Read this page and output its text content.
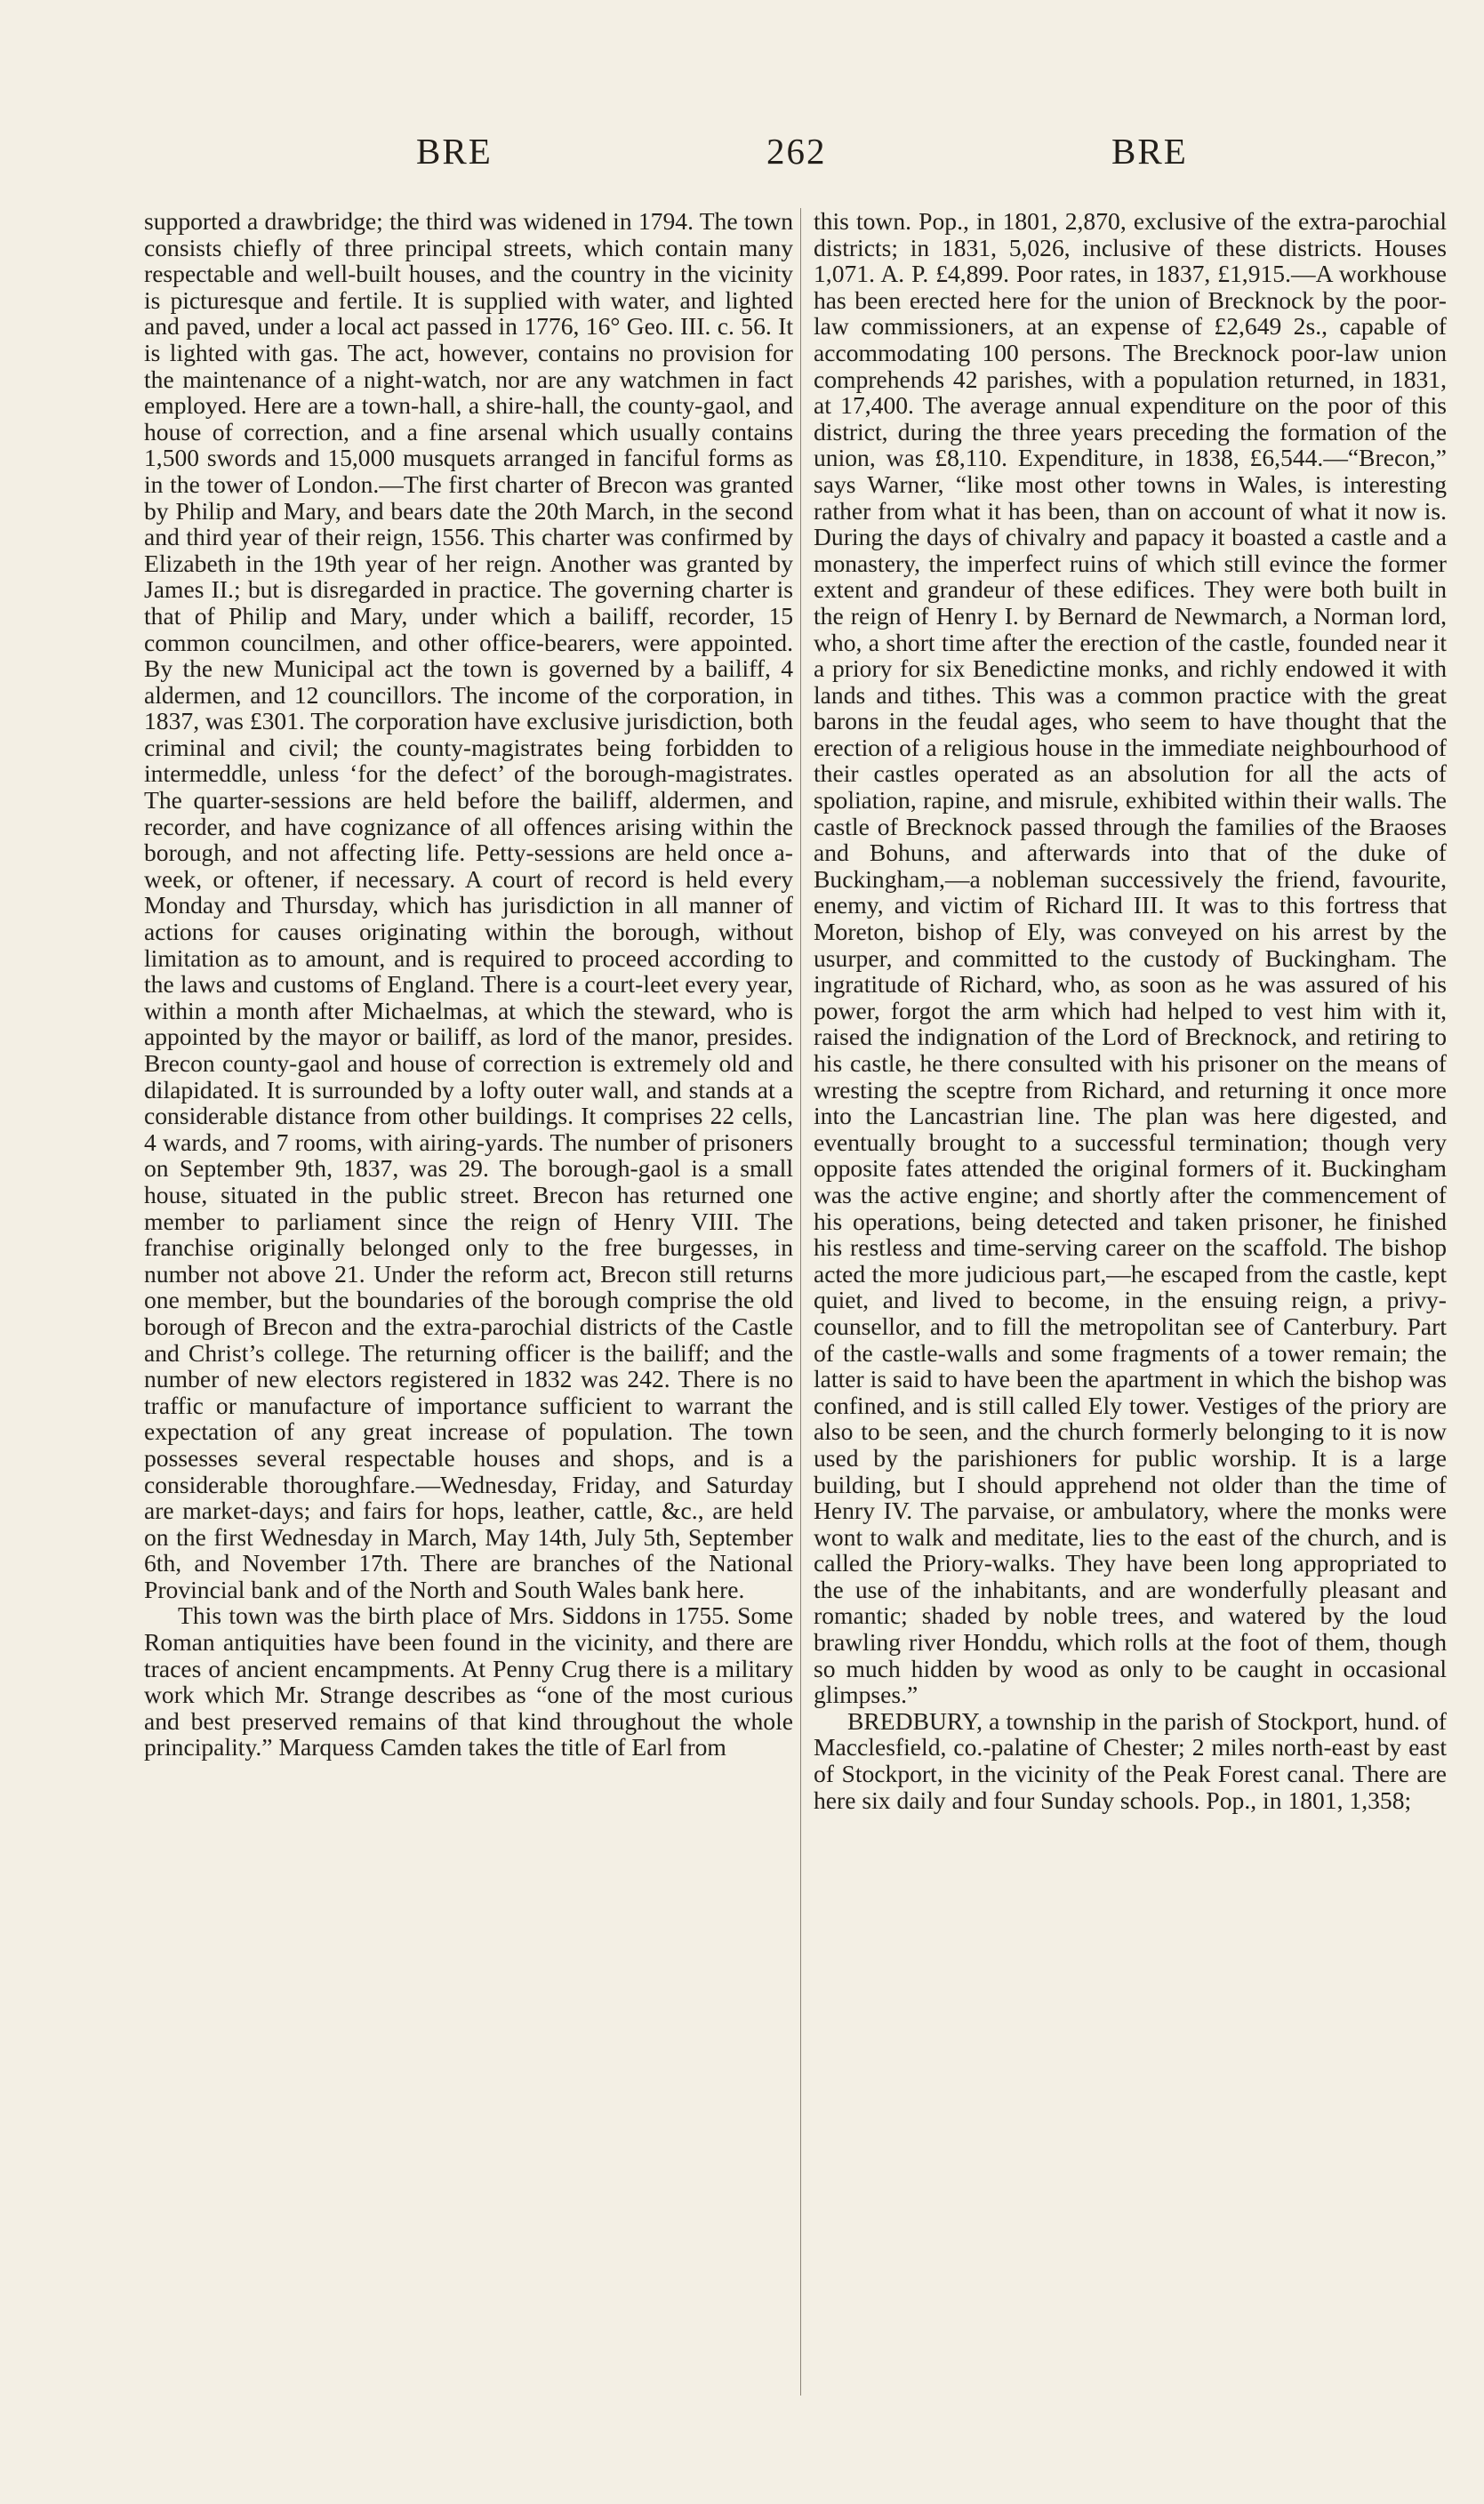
BRE	262	BRE

supported a drawbridge; the third was widened in 1794. The town consists chiefly of three principal streets, which contain many respectable and well-built houses, and the country in the vicinity is picturesque and fertile. It is supplied with water, and lighted and paved, under a local act passed in 1776, 16° Geo. III. c. 56. It is lighted with gas. The act, however, contains no provision for the maintenance of a night-watch, nor are any watchmen in fact employed. Here are a town-hall, a shire-hall, the county-gaol, and house of correction, and a fine arsenal which usually contains 1,500 swords and 15,000 musquets arranged in fanciful forms as in the tower of London.—The first charter of Brecon was granted by Philip and Mary, and bears date the 20th March, in the second and third year of their reign, 1556. This charter was confirmed by Elizabeth in the 19th year of her reign. Another was granted by James II.; but is disregarded in practice. The governing charter is that of Philip and Mary, under which a bailiff, recorder, 15 common councilmen, and other office-bearers, were appointed. By the new Municipal act the town is governed by a bailiff, 4 aldermen, and 12 councillors. The income of the corporation, in 1837, was £301. The corporation have exclusive jurisdiction, both criminal and civil; the county-magistrates being forbidden to intermeddle, unless ‘for the defect’ of the borough-magistrates. The quarter-sessions are held before the bailiff, aldermen, and recorder, and have cognizance of all offences arising within the borough, and not affecting life. Petty-sessions are held once a-week, or oftener, if necessary. A court of record is held every Monday and Thursday, which has jurisdiction in all manner of actions for causes originating within the borough, without limitation as to amount, and is required to proceed according to the laws and customs of England. There is a court-leet every year, within a month after Michaelmas, at which the steward, who is appointed by the mayor or bailiff, as lord of the manor, presides. Brecon county-gaol and house of correction is extremely old and dilapidated. It is surrounded by a lofty outer wall, and stands at a considerable distance from other buildings. It comprises 22 cells, 4 wards, and 7 rooms, with airing-yards. The number of prisoners on September 9th, 1837, was 29. The borough-gaol is a small house, situated in the public street. Brecon has returned one member to parliament since the reign of Henry VIII. The franchise originally belonged only to the free burgesses, in number not above 21. Under the reform act, Brecon still returns one member, but the boundaries of the borough comprise the old borough of Brecon and the extra-parochial districts of the Castle and Christ’s college. The returning officer is the bailiff; and the number of new electors registered in 1832 was 242. There is no traffic or manufacture of importance sufficient to warrant the expectation of any great increase of population. The town possesses several respectable houses and shops, and is a considerable thoroughfare.—Wednesday, Friday, and Saturday are market-days; and fairs for hops, leather, cattle, &c., are held on the first Wednesday in March, May 14th, July 5th, September 6th, and November 17th. There are branches of the National Provincial bank and of the North and South Wales bank here.

This town was the birth place of Mrs. Siddons in 1755. Some Roman antiquities have been found in the vicinity, and there are traces of ancient encampments. At Penny Crug there is a military work which Mr. Strange describes as “one of the most curious and best preserved remains of that kind throughout the whole principality.” Marquess Camden takes the title of Earl from

this town. Pop., in 1801, 2,870, exclusive of the extra-parochial districts; in 1831, 5,026, inclusive of these districts. Houses 1,071. A. P. £4,899. Poor rates, in 1837, £1,915.—A workhouse has been erected here for the union of Brecknock by the poor-law commissioners, at an expense of £2,649 2s., capable of accommodating 100 persons. The Brecknock poor-law union comprehends 42 parishes, with a population returned, in 1831, at 17,400. The average annual expenditure on the poor of this district, during the three years preceding the formation of the union, was £8,110. Expenditure, in 1838, £6,544.—“Brecon,” says Warner, “like most other towns in Wales, is interesting rather from what it has been, than on account of what it now is. During the days of chivalry and papacy it boasted a castle and a monastery, the imperfect ruins of which still evince the former extent and grandeur of these edifices. They were both built in the reign of Henry I. by Bernard de Newmarch, a Norman lord, who, a short time after the erection of the castle, founded near it a priory for six Benedictine monks, and richly endowed it with lands and tithes. This was a common practice with the great barons in the feudal ages, who seem to have thought that the erection of a religious house in the immediate neighbourhood of their castles operated as an absolution for all the acts of spoliation, rapine, and misrule, exhibited within their walls. The castle of Brecknock passed through the families of the Braoses and Bohuns, and afterwards into that of the duke of Buckingham,—a nobleman successively the friend, favourite, enemy, and victim of Richard III. It was to this fortress that Moreton, bishop of Ely, was conveyed on his arrest by the usurper, and committed to the custody of Buckingham. The ingratitude of Richard, who, as soon as he was assured of his power, forgot the arm which had helped to vest him with it, raised the indignation of the Lord of Brecknock, and retiring to his castle, he there consulted with his prisoner on the means of wresting the sceptre from Richard, and returning it once more into the Lancastrian line. The plan was here digested, and eventually brought to a successful termination; though very opposite fates attended the original formers of it. Buckingham was the active engine; and shortly after the commencement of his operations, being detected and taken prisoner, he finished his restless and time-serving career on the scaffold. The bishop acted the more judicious part,—he escaped from the castle, kept quiet, and lived to become, in the ensuing reign, a privy-counsellor, and to fill the metropolitan see of Canterbury. Part of the castle-walls and some fragments of a tower remain; the latter is said to have been the apartment in which the bishop was confined, and is still called Ely tower. Vestiges of the priory are also to be seen, and the church formerly belonging to it is now used by the parishioners for public worship. It is a large building, but I should apprehend not older than the time of Henry IV. The parvaise, or ambulatory, where the monks were wont to walk and meditate, lies to the east of the church, and is called the Priory-walks. They have been long appropriated to the use of the inhabitants, and are wonderfully pleasant and romantic; shaded by noble trees, and watered by the loud brawling river Honddu, which rolls at the foot of them, though so much hidden by wood as only to be caught in occasional glimpses.”

BREDBURY, a township in the parish of Stockport, hund. of Macclesfield, co.-palatine of Chester; 2 miles north-east by east of Stockport, in the vicinity of the Peak Forest canal. There are here six daily and four Sunday schools. Pop., in 1801, 1,358;
